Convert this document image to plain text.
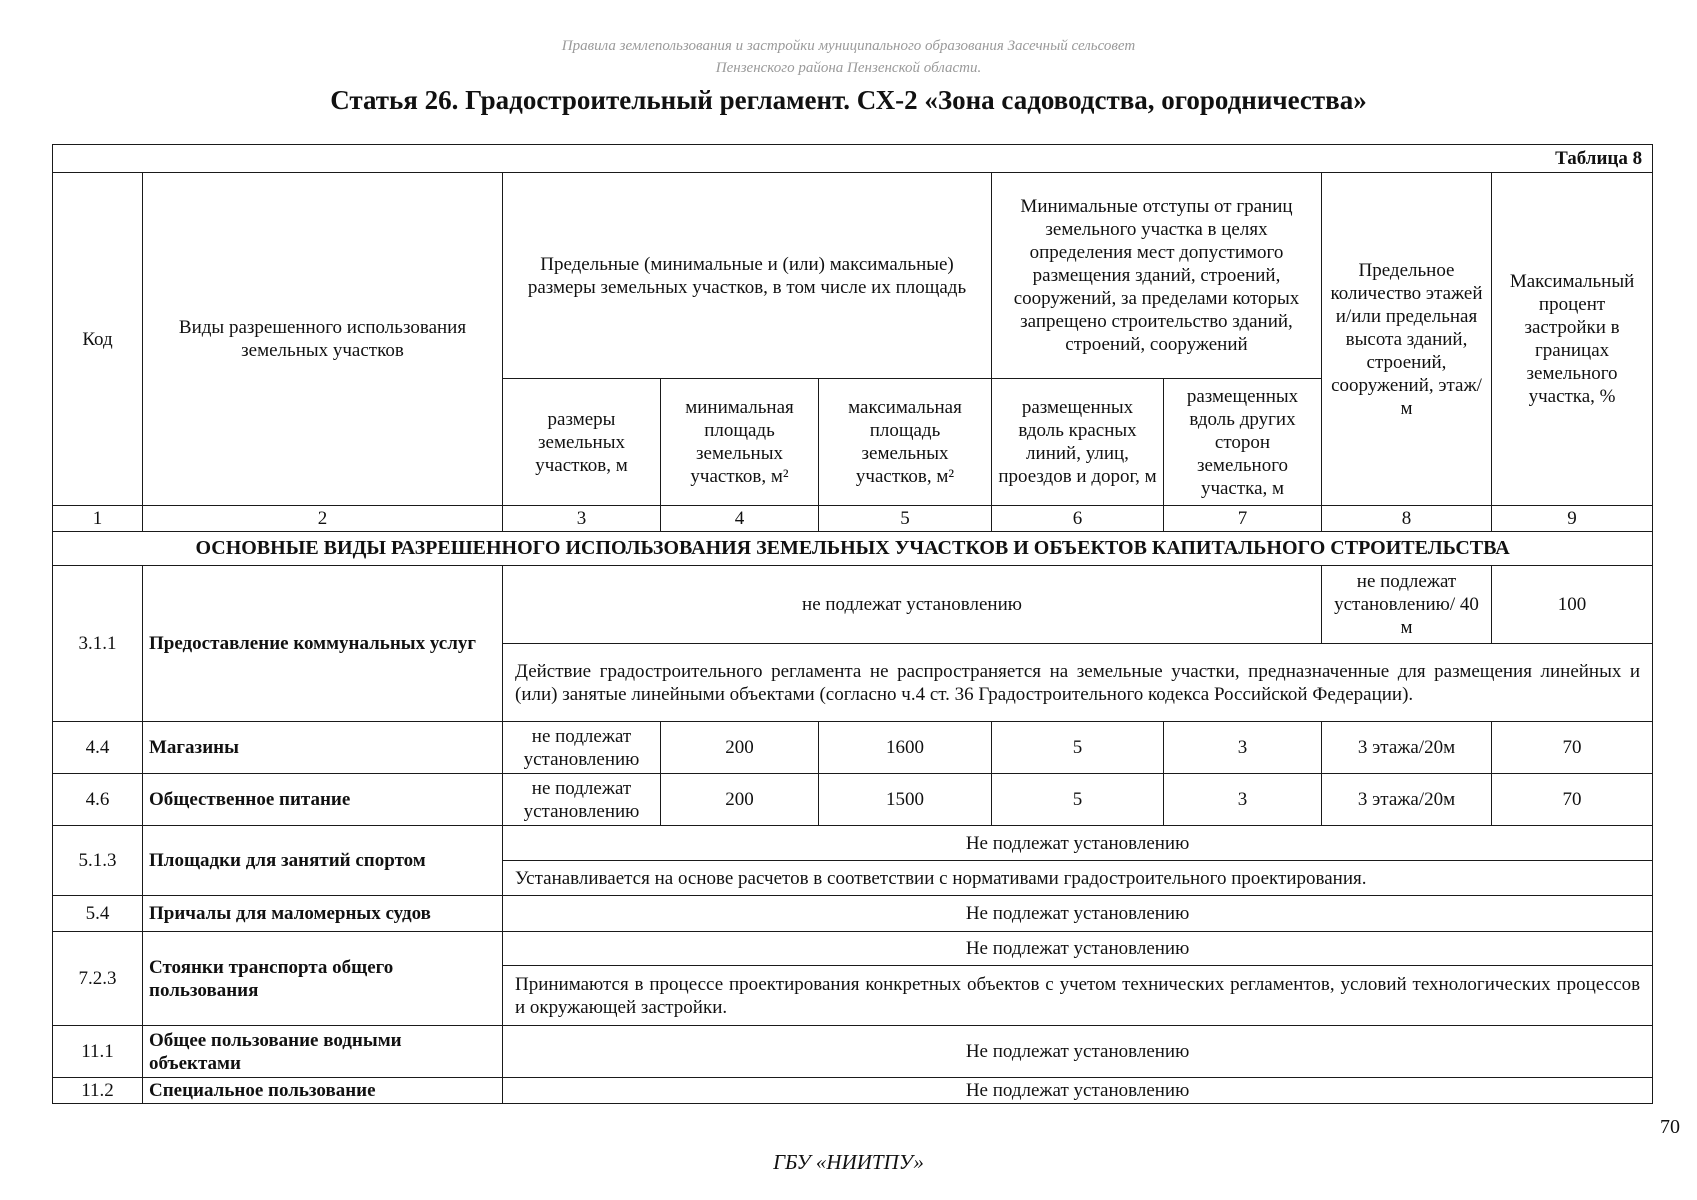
Правила землепользования и застройки муниципального образования Засечный сельсовет
Пензенского района Пензенской области.
Статья 26. Градостроительный регламент. СХ-2 «Зона садоводства, огородничества»
Таблица 8								
Код	Виды разрешенного использования земельных участков	Предельные (минимальные и (или) максимальные) размеры земельных участков, в том числе их площадь			Минимальные отступы от границ земельного участка в целях определения мест допустимого размещения зданий, строений, сооружений, за пределами которых запрещено строительство зданий, строений, сооружений		Предельное количество этажей и/или предельная высота зданий, строений, сооружений, этаж/м	Максимальный процент застройки в границах земельного участка, %
		размеры земельных участков, м	минимальная площадь земельных участков, м²	максимальная площадь земельных участков, м²	размещенных вдоль красных линий, улиц, проездов и дорог, м	размещенных вдоль других сторон земельного участка, м		
1	2	3	4	5	6	7	8	9
ОСНОВНЫЕ ВИДЫ РАЗРЕШЕННОГО ИСПОЛЬЗОВАНИЯ ЗЕМЕЛЬНЫХ УЧАСТКОВ И ОБЪЕКТОВ КАПИТАЛЬНОГО СТРОИТЕЛЬСТВА								
3.1.1	Предоставление коммунальных услуг	не подлежат установлению					не подлежат установлению/ 40 м	100
		Действие градостроительного регламента не распространяется на земельные участки, предназначенные для размещения линейных и (или) занятые линейными объектами (согласно ч.4 ст. 36 Градостроительного кодекса Российской Федерации).						
4.4	Магазины	не подлежат установлению	200	1600	5	3	3 этажа/20м	70
4.6	Общественное питание	не подлежат установлению	200	1500	5	3	3 этажа/20м	70
5.1.3	Площадки для занятий спортом	Не подлежат установлению						
		Устанавливается на основе расчетов в соответствии с нормативами градостроительного проектирования.						
5.4	Причалы для маломерных судов	Не подлежат установлению						
7.2.3	Стоянки транспорта общего пользования	Не подлежат установлению						
		Принимаются в процессе проектирования конкретных объектов с учетом технических регламентов, условий технологических процессов и окружающей застройки.						
11.1	Общее пользование водными объектами	Не подлежат установлению						
11.2	Специальное пользование	Не подлежат установлению						
70
ГБУ «НИИТПУ»
